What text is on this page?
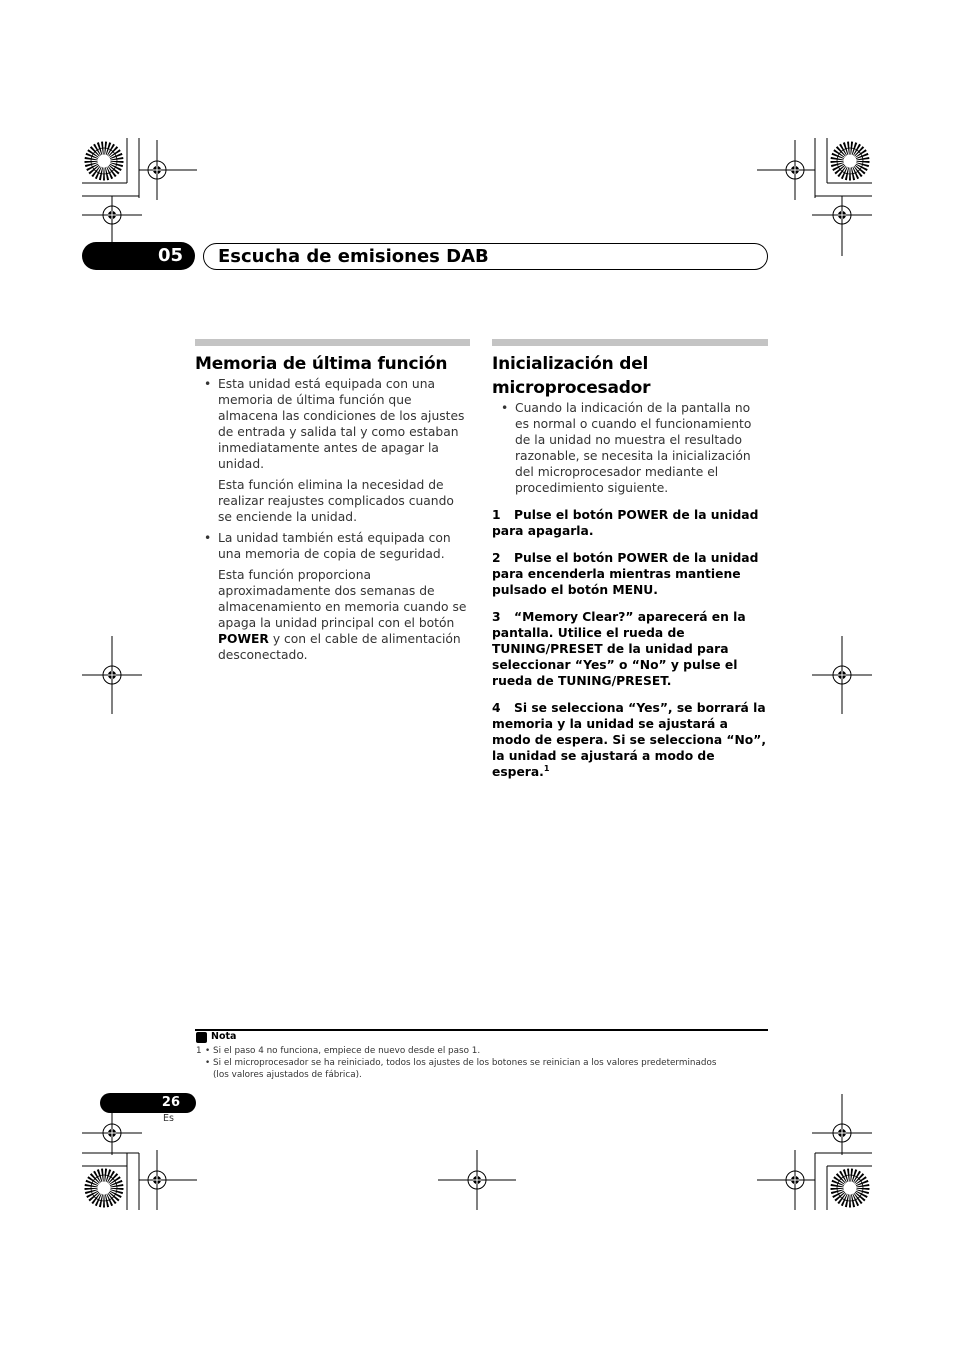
05	Escucha de emisiones DAB
Memoria de última función
• Esta unidad está equipada con una memoria de última función que almacena las condiciones de los ajustes de entrada y salida tal y como estaban inmediatamente antes de apagar la unidad.
Esta función elimina la necesidad de realizar reajustes complicados cuando se enciende la unidad.
• La unidad también está equipada con una memoria de copia de seguridad.
Esta función proporciona aproximadamente dos semanas de almacenamiento en memoria cuando se apaga la unidad principal con el botón POWER y con el cable de alimentación desconectado.
Inicialización del microprocesador
• Cuando la indicación de la pantalla no es normal o cuando el funcionamiento de la unidad no muestra el resultado razonable, se necesita la inicialización del microprocesador mediante el procedimiento siguiente.
1 Pulse el botón POWER de la unidad para apagarla.
2 Pulse el botón POWER de la unidad para encenderla mientras mantiene pulsado el botón MENU.
3 “Memory Clear?” aparecerá en la pantalla. Utilice el rueda de TUNING/PRESET de la unidad para seleccionar “Yes” o “No” y pulse el rueda de TUNING/PRESET.
4 Si se selecciona “Yes”, se borrará la memoria y la unidad se ajustará a modo de espera. Si se selecciona “No”, la unidad se ajustará a modo de espera.$^1$
Nota
1 • Si el paso 4 no funciona, empiece de nuevo desde el paso 1.
• Si el microprocesador se ha reiniciado, todos los ajustes de los botones se reinician a los valores predeterminados
(los valores ajustados de fábrica).
26
Es
